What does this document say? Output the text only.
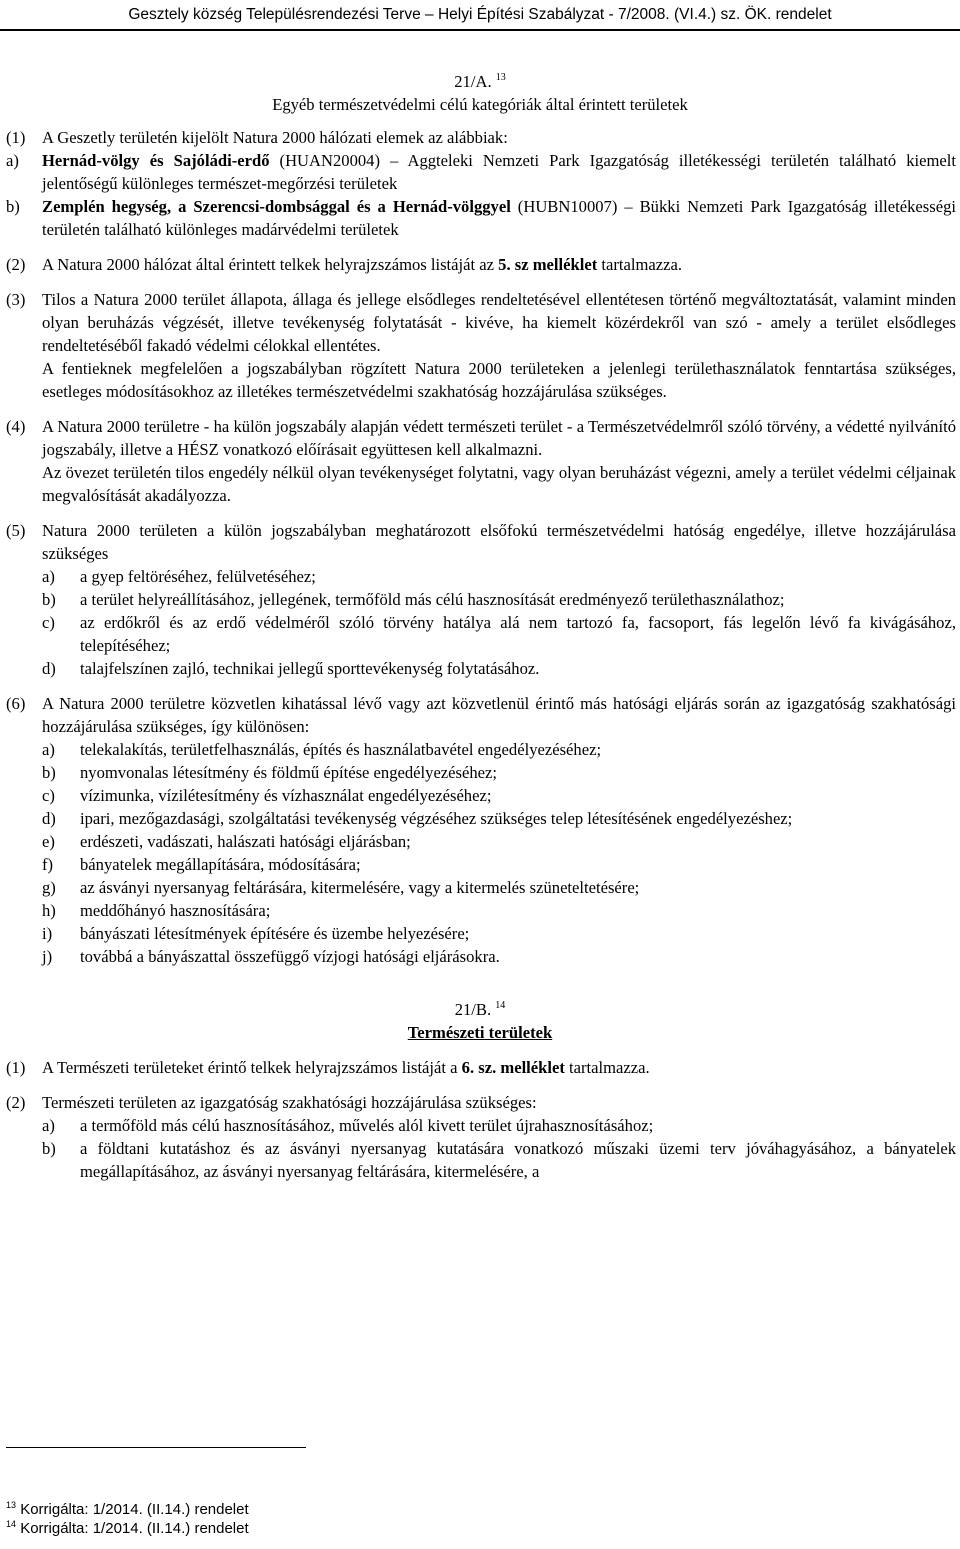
Gesztely község Településrendezési Terve – Helyi Építési Szabályzat - 7/2008. (VI.4.) sz. ÖK. rendelet
21/A. $^{13}$
Egyéb természetvédelmi célú kategóriák által érintett területek
(1) A Geszetly területén kijelölt Natura 2000 hálózati elemek az alábbiak:
a) Hernád-völgy és Sajóládi-erdő (HUAN20004) – Aggteleki Nemzeti Park Igazgatóság illetékességi területén található kiemelt jelentőségű különleges természet-megőrzési területek
b) Zemplén hegység, a Szerencsi-dombsággal és a Hernád-völggyel (HUBN10007) – Bükki Nemzeti Park Igazgatóság illetékességi területén található különleges madárvédelmi területek
(2) A Natura 2000 hálózat által érintett telkek helyrajzszámos listáját az 5. sz melléklet tartalmazza.
(3) Tilos a Natura 2000 terület állapota, állaga és jellege elsődleges rendeltetésével ellentétesen történő megváltoztatását, valamint minden olyan beruházás végzését, illetve tevékenység folytatását - kivéve, ha kiemelt közérdekről van szó - amely a terület elsődleges rendeltetéséből fakadó védelmi célokkal ellentétes.
A fentieknek megfelelően a jogszabályban rögzített Natura 2000 területeken a jelenlegi területhasználatok fenntartása szükséges, esetleges módosításokhoz az illetékes természetvédelmi szakhatóság hozzájárulása szükséges.
(4) A Natura 2000 területre - ha külön jogszabály alapján védett természeti terület - a Természetvédelmről szóló törvény, a védetté nyilvánító jogszabály, illetve a HÉSZ vonatkozó előírásait együttesen kell alkalmazni.
Az övezet területén tilos engedély nélkül olyan tevékenységet folytatni, vagy olyan beruházást végezni, amely a terület védelmi céljainak megvalósítását akadályozza.
(5) Natura 2000 területen a külön jogszabályban meghatározott elsőfokú természetvédelmi hatóság engedélye, illetve hozzájárulása szükséges
a) a gyep feltöréséhez, felülvetéséhez;
b) a terület helyreállításához, jellegének, termőföld más célú hasznosítását eredményező területhasználathoz;
c) az erdőkről és az erdő védelméről szóló törvény hatálya alá nem tartozó fa, facsoport, fás legelőn lévő fa kivágásához, telepítéséhez;
d) talajfelszínen zajló, technikai jellegű sporttevékenység folytatásához.
(6) A Natura 2000 területre közvetlen kihatással lévő vagy azt közvetlenül érintő más hatósági eljárás során az igazgatóság szakhatósági hozzájárulása szükséges, így különösen:
a) telekalakítás, területfelhasználás, építés és használatbavétel engedélyezéséhez;
b) nyomvonalas létesítmény és földmű építése engedélyezéséhez;
c) vízimunka, vízilétesítmény és vízhasználat engedélyezéséhez;
d) ipari, mezőgazdasági, szolgáltatási tevékenység végzéséhez szükséges telep létesítésének engedélyezéshez;
e) erdészeti, vadászati, halászati hatósági eljárásban;
f) bányatelek megállapítására, módosítására;
g) az ásványi nyersanyag feltárására, kitermelésére, vagy a kitermelés szüneteltetésére;
h) meddőhányó hasznosítására;
i) bányászati létesítmények építésére és üzembe helyezésére;
j) továbbá a bányászattal összefüggő vízjogi hatósági eljárásokra.
21/B. $^{14}$
Természeti területek
(1) A Természeti területeket érintő telkek helyrajzszámos listáját a 6. sz. melléklet tartalmazza.
(2) Természeti területen az igazgatóság szakhatósági hozzájárulása szükséges:
a) a termőföld más célú hasznosításához, művelés alól kivett terület újrahasznosításához;
b) a földtani kutatáshoz és az ásványi nyersanyag kutatására vonatkozó műszaki üzemi terv jóváhagyásához, a bányatelek megállapításához, az ásványi nyersanyag feltárására, kitermelésére, a
$^{13}$ Korrigálta: 1/2014. (II.14.) rendelet
$^{14}$ Korrigálta: 1/2014. (II.14.) rendelet
